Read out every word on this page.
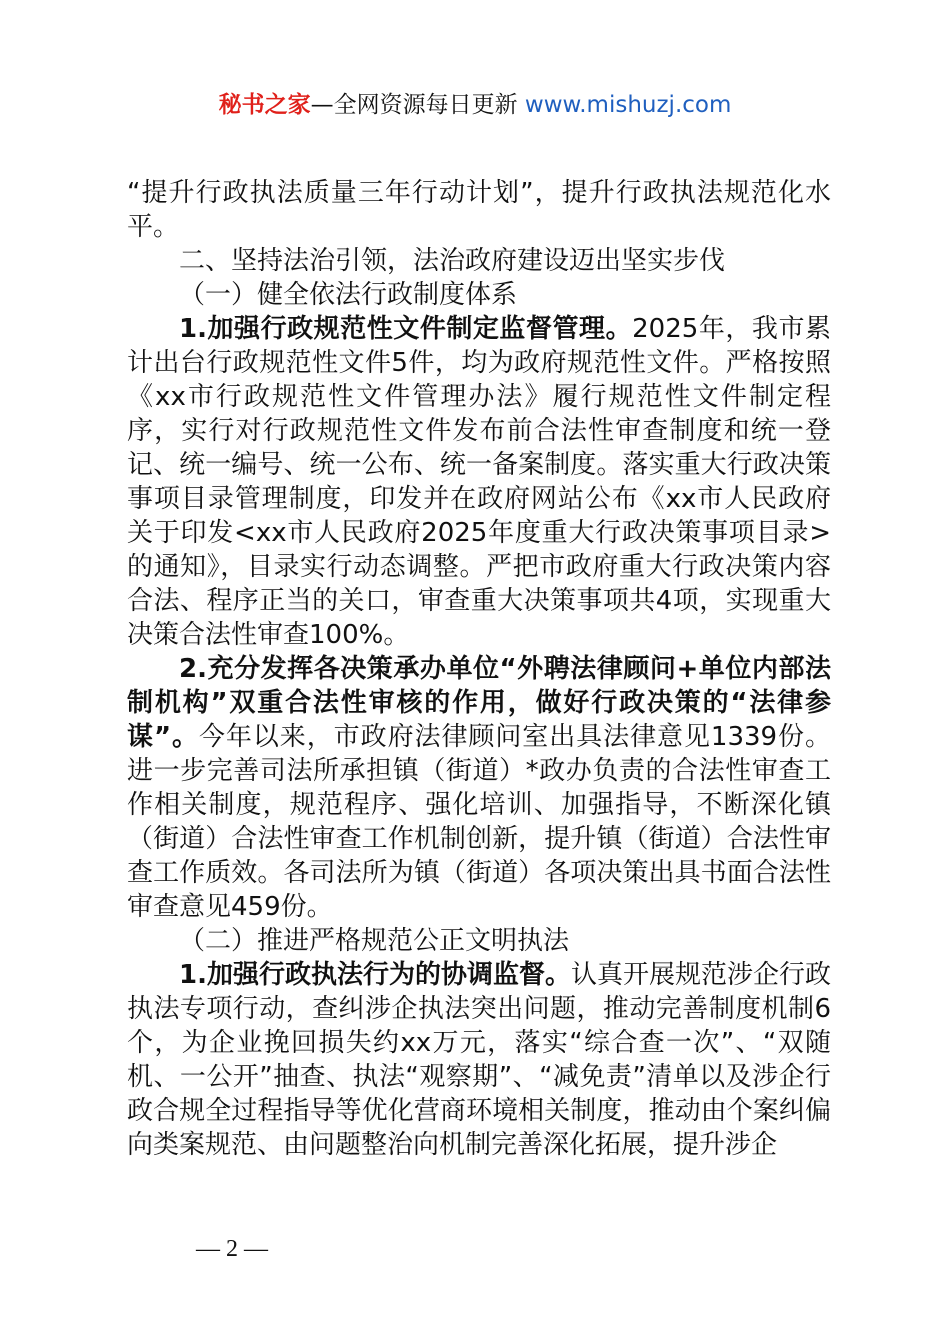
秘书之家—全网资源每日更新 www.mishuzj.com

“提升行政执法质量三年行动计划”，提升行政执法规范化水平。

二、坚持法治引领，法治政府建设迈出坚实步伐

（一）健全依法行政制度体系

1.加强行政规范性文件制定监督管理。2025年，我市累计出台行政规范性文件5件，均为政府规范性文件。严格按照《xx市行政规范性文件管理办法》履行规范性文件制定程序，实行对行政规范性文件发布前合法性审查制度和统一登记、统一编号、统一公布、统一备案制度。落实重大行政决策事项目录管理制度，印发并在政府网站公布《xx市人民政府关于印发<xx市人民政府2025年度重大行政决策事项目录>的通知》，目录实行动态调整。严把市政府重大行政决策内容合法、程序正当的关口，审查重大决策事项共4项，实现重大决策合法性审查100%。

2.充分发挥各决策承办单位“外聘法律顾问+单位内部法制机构”双重合法性审核的作用，做好行政决策的“法律参谋”。今年以来，市政府法律顾问室出具法律意见1339份。进一步完善司法所承担镇（街道）*政办负责的合法性审查工作相关制度，规范程序、强化培训、加强指导，不断深化镇（街道）合法性审查工作机制创新，提升镇（街道）合法性审查工作质效。各司法所为镇（街道）各项决策出具书面合法性审查意见459份。

（二）推进严格规范公正文明执法

1.加强行政执法行为的协调监督。认真开展规范涉企行政执法专项行动，查纠涉企执法突出问题，推动完善制度机制6个，为企业挽回损失约xx万元，落实“综合查一次”、“双随机、一公开”抽查、执法“观察期”、“减免责”清单以及涉企行政合规全过程指导等优化营商环境相关制度，推动由个案纠偏向类案规范、由问题整治向机制完善深化拓展，提升涉企

— 2 —
